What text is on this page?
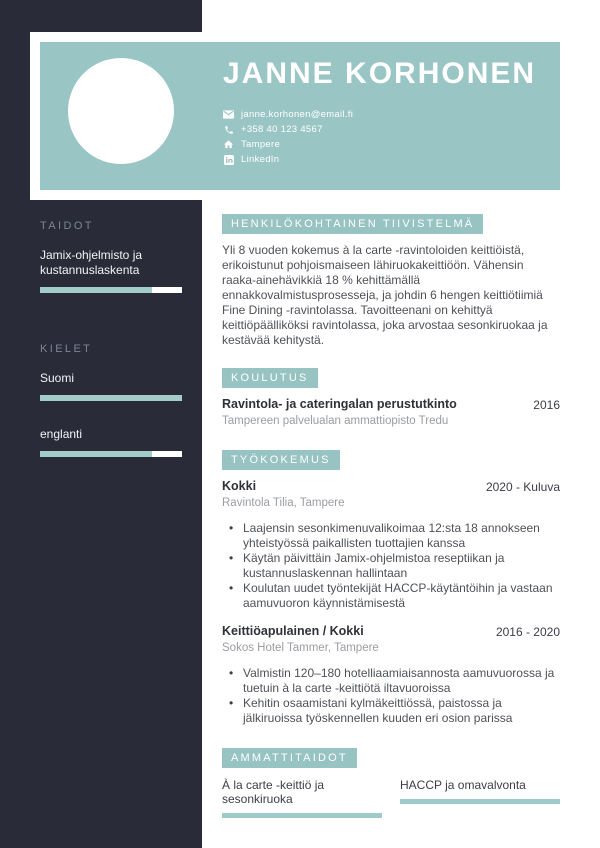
TAIDOT
Jamix-ohjelmisto ja kustannuslaskenta
KIELET
Suomi
englanti
JANNE KORHONEN
janne.korhonen@email.fi
+358 40 123 4567
Tampere
LinkedIn
HENKILÖKOHTAINEN TIIVISTELMÄ

Yli 8 vuoden kokemus à la carte -ravintoloiden keittiöistä, erikoistunut pohjoismaiseen lähiruokakeittiöön. Vähensin raaka-ainehävikkiä 18 % kehittämällä ennakkovalmistusprosesseja, ja johdin 6 hengen keittiötiimiä Fine Dining -ravintolassa. Tavoitteenani on kehittyä keittiöpäälliköksi ravintolassa, joka arvostaa sesonkiruokaa ja kestävää kehitystä.

KOULUTUS
Ravintola- ja cateringalan perustutkinto	2016
Tampereen palvelualan ammattiopisto Tredu
TYÖKOKEMUS
Kokki	2020 - Kuluva
Ravintola Tilia, Tampere
• Laajensin sesonkimenuvalikoimaa 12:sta 18 annokseen yhteistyössä paikallisten tuottajien kanssa
• Käytän päivittäin Jamix-ohjelmistoa reseptiikan ja kustannuslaskennan hallintaan
• Koulutan uudet työntekijät HACCP-käytäntöihin ja vastaan aamuvuoron käynnistämisestä
Keittiöapulainen / Kokki	2016 - 2020
Sokos Hotel Tammer, Tampere
• Valmistin 120–180 hotelliaamiaisannosta aamuvuorossa ja tuetuin à la carte -keittiötä iltavuoroissa
• Kehitin osaamistani kylmäkeittiössä, paistossa ja jälkiruoissa työskennellen kuuden eri osion parissa
AMMATTITAIDOT
À la carte -keittiö ja sesonkiruoka
HACCP ja omavalvonta
